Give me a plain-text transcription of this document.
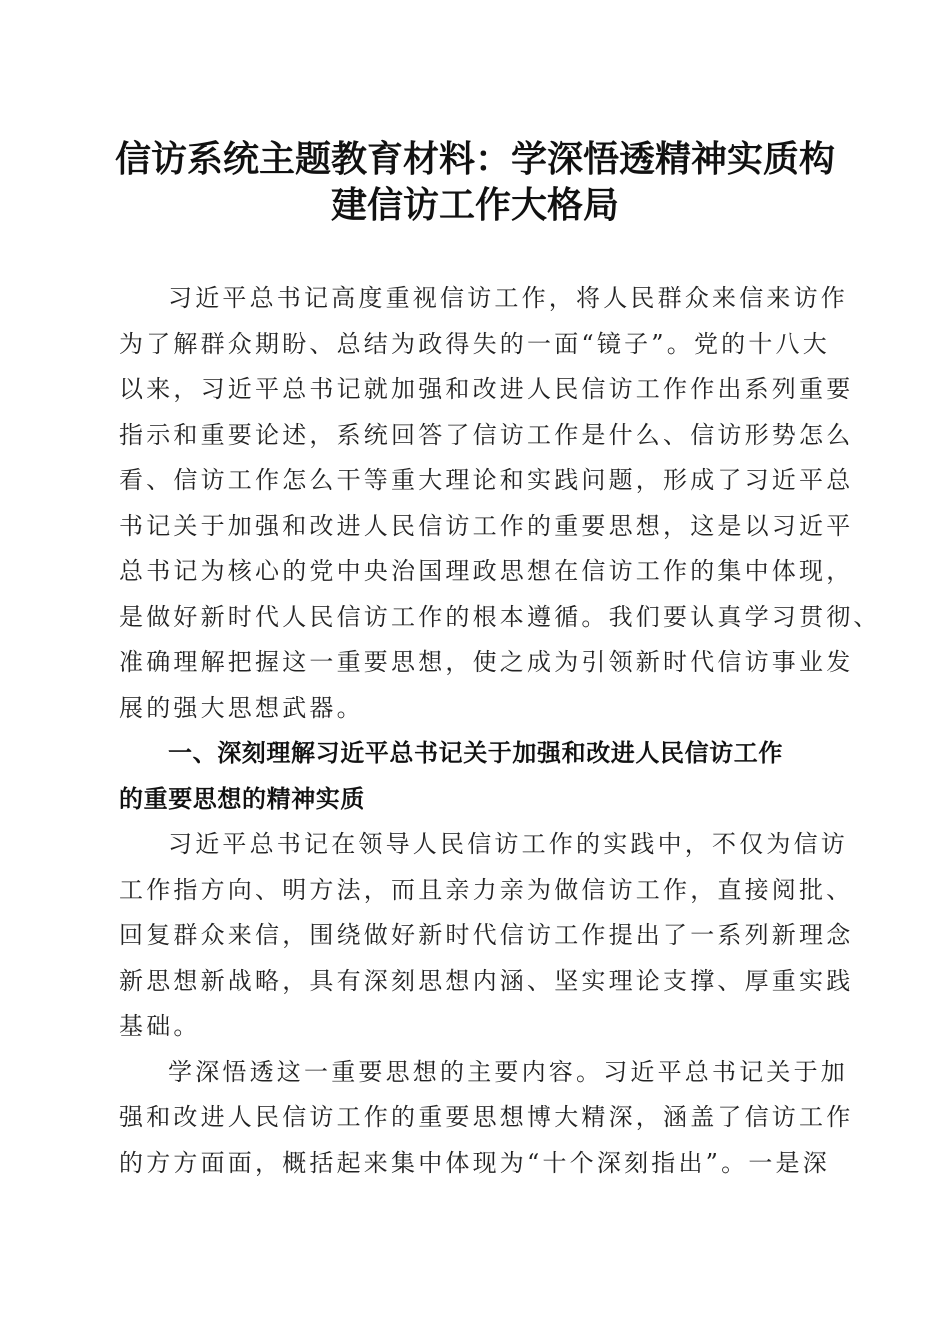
信访系统主题教育材料：学深悟透精神实质构
建信访工作大格局
习近平总书记高度重视信访工作，将人民群众来信来访作
为了解群众期盼、总结为政得失的一面“镜子”。党的十八大
以来，习近平总书记就加强和改进人民信访工作作出系列重要
指示和重要论述，系统回答了信访工作是什么、信访形势怎么
看、信访工作怎么干等重大理论和实践问题，形成了习近平总
书记关于加强和改进人民信访工作的重要思想，这是以习近平
总书记为核心的党中央治国理政思想在信访工作的集中体现，
是做好新时代人民信访工作的根本遵循。我们要认真学习贯彻、
准确理解把握这一重要思想，使之成为引领新时代信访事业发
展的强大思想武器。
一、深刻理解习近平总书记关于加强和改进人民信访工作
的重要思想的精神实质
习近平总书记在领导人民信访工作的实践中，不仅为信访
工作指方向、明方法，而且亲力亲为做信访工作，直接阅批、
回复群众来信，围绕做好新时代信访工作提出了一系列新理念
新思想新战略，具有深刻思想内涵、坚实理论支撑、厚重实践
基础。
学深悟透这一重要思想的主要内容。习近平总书记关于加
强和改进人民信访工作的重要思想博大精深，涵盖了信访工作
的方方面面，概括起来集中体现为“十个深刻指出”。一是深
